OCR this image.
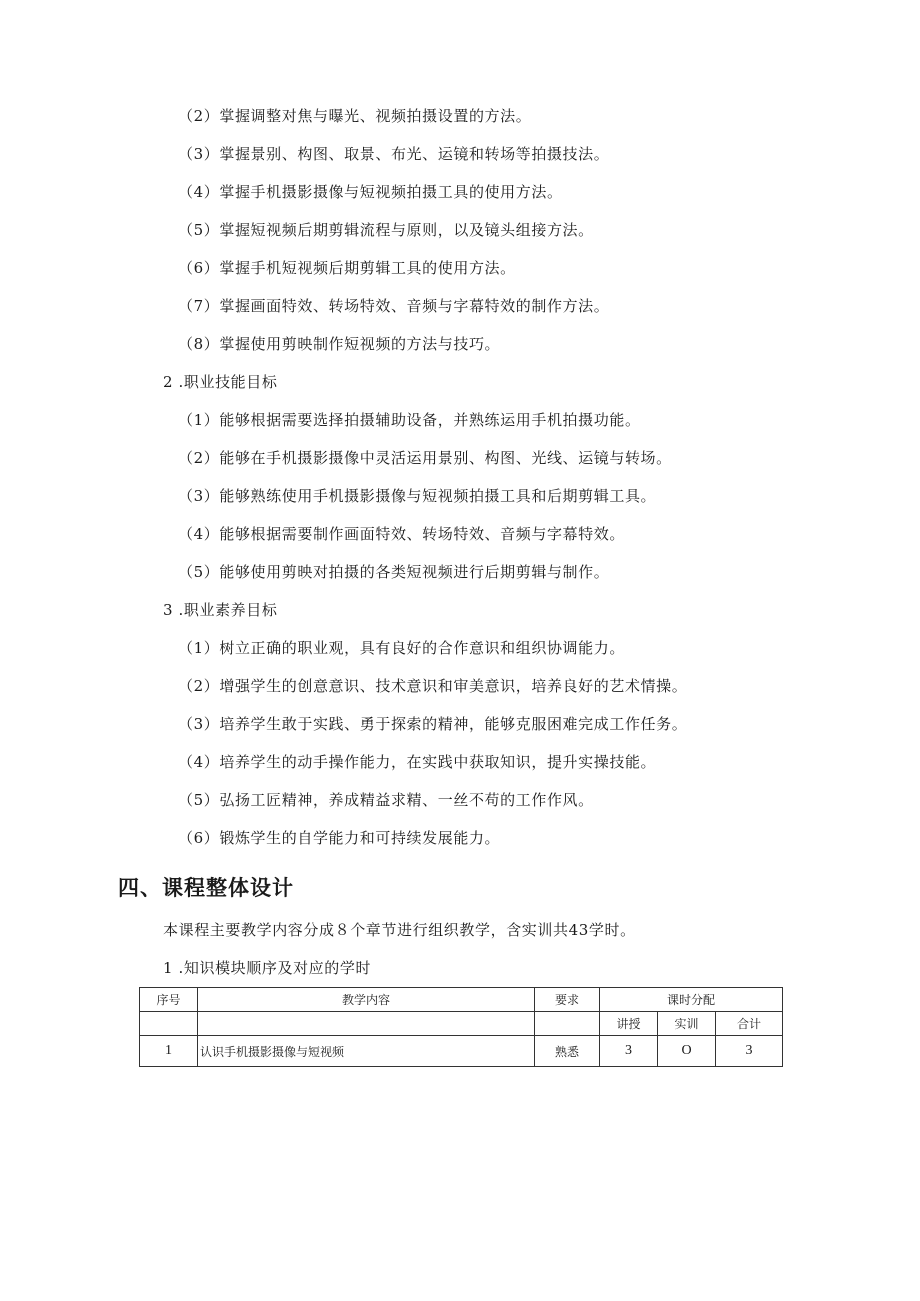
（2）掌握调整对焦与曝光、视频拍摄设置的方法。
（3）掌握景别、构图、取景、布光、运镜和转场等拍摄技法。
（4）掌握手机摄影摄像与短视频拍摄工具的使用方法。
（5）掌握短视频后期剪辑流程与原则，以及镜头组接方法。
（6）掌握手机短视频后期剪辑工具的使用方法。
（7）掌握画面特效、转场特效、音频与字幕特效的制作方法。
（8）掌握使用剪映制作短视频的方法与技巧。
2 .职业技能目标
（1）能够根据需要选择拍摄辅助设备，并熟练运用手机拍摄功能。
（2）能够在手机摄影摄像中灵活运用景别、构图、光线、运镜与转场。
（3）能够熟练使用手机摄影摄像与短视频拍摄工具和后期剪辑工具。
（4）能够根据需要制作画面特效、转场特效、音频与字幕特效。
（5）能够使用剪映对拍摄的各类短视频进行后期剪辑与制作。
3 .职业素养目标
（1）树立正确的职业观，具有良好的合作意识和组织协调能力。
（2）增强学生的创意意识、技术意识和审美意识，培养良好的艺术情操。
（3）培养学生敢于实践、勇于探索的精神，能够克服困难完成工作任务。
（4）培养学生的动手操作能力，在实践中获取知识，提升实操技能。
（5）弘扬工匠精神，养成精益求精、一丝不苟的工作作风。
（6）锻炼学生的自学能力和可持续发展能力。
四、课程整体设计
本课程主要教学内容分成８个章节进行组织教学，含实训共43学时。
1 .知识模块顺序及对应的学时
序号	教学内容	要求	课时分配		
			讲授	实训	合计
1	认识手机摄影摄像与短视频	熟悉	3	O	3
